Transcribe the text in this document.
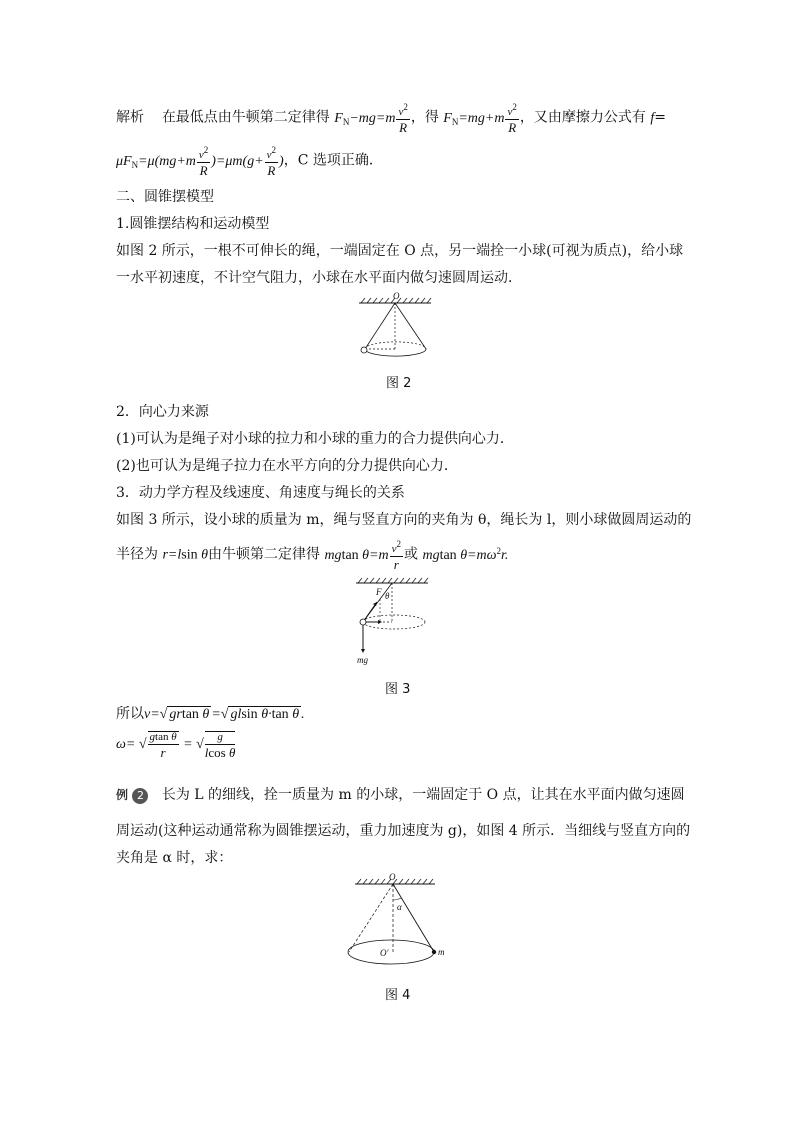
解析 在最低点由牛顿第二定律得 $F_N-mg=m \frac{v^2}{R}$ ，得 $F_N=mg+m \frac{v^2}{R}$ ，又由摩擦力公式有 f=
$\mu F_N=\mu(mg+m \frac{v^2}{R} )=\mu m(g+ \frac{v^2}{R}$ )，C 选项正确．
二、圆锥摆模型
1.圆锥摆结构和运动模型
如图 2 所示，一根不可伸长的绳，一端固定在 O 点，另一端拴一小球(可视为质点)，给小球
一水平初速度，不计空气阻力，小球在水平面内做匀速圆周运动．
O
图 2
2．向心力来源
(1)可认为是绳子对小球的拉力和小球的重力的合力提供向心力．
(2)也可认为是绳子拉力在水平方向的分力提供向心力．
3．动力学方程及线速度、角速度与绳长的关系
如图 3 所示，设小球的质量为 m，绳与竖直方向的夹角为 θ，绳长为 l，则小球做圆周运动的
半径为 r=lsin θ由牛顿第二定律得 mgtan $\theta=m \frac{v^2}{r}$ 或 mgtan $\theta=m\omega^2r$.
F θ
mg
图 3
所以v=√ grtan θ =√ glsin θ·tan θ .
ω= √ $\frac{\text{gtan θ}}{r}$ = √ $\frac{g}{\text{lcos θ}}$
例 2 长为 L 的细线，拴一质量为 m 的小球，一端固定于 O 点，让其在水平面内做匀速圆
周运动(这种运动通常称为圆锥摆运动，重力加速度为 g)，如图 4 所示．当细线与竖直方向的
夹角是 α 时，求：
O
α
O′	m
图 4
